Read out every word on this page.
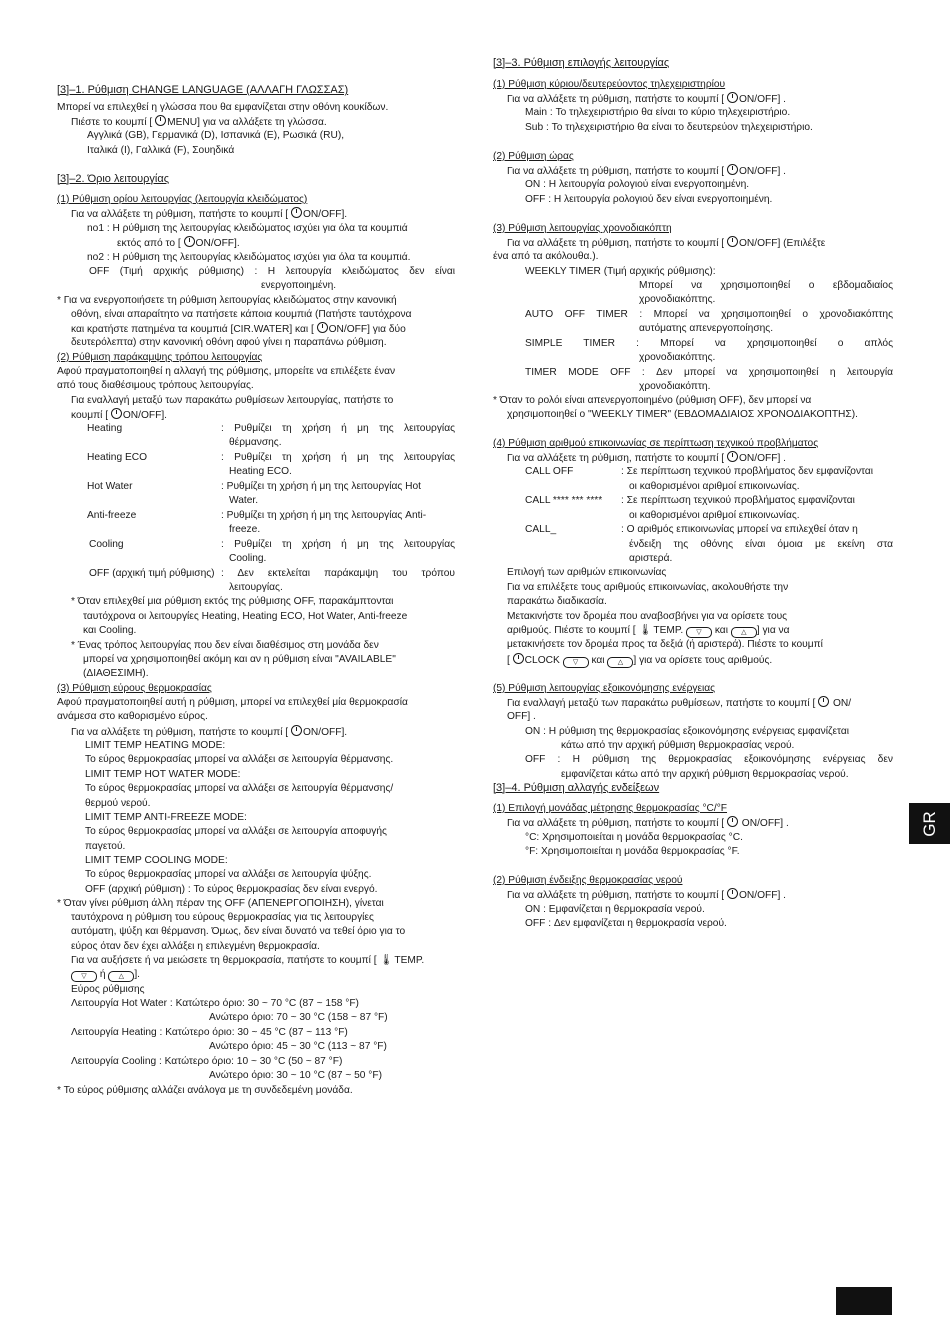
[3]–1. Ρύθμιση CHANGE LANGUAGE (ΑΛΛΑΓΗ ΓΛΩΣΣΑΣ)
Μπορεί να επιλεχθεί η γλώσσα που θα εμφανίζεται στην οθόνη κουκίδων.
Πιέστε το κουμπί [ MENU] για να αλλάξετε τη γλώσσα.
Αγγλικά (GB), Γερμανικά (D), Ισπανικά (E), Ρωσικά (RU),
Ιταλικά (I), Γαλλικά (F), Σουηδικά
[3]–2. Όριο λειτουργίας
(1) Ρύθμιση ορίου λειτουργίας (λειτουργία κλειδώματος)
Για να αλλάξετε τη ρύθμιση, πατήστε το κουμπί [ ON/OFF].
no1 : Η ρύθμιση της λειτουργίας κλειδώματος ισχύει για όλα τα κουμπιά
εκτός από το [ ON/OFF].
no2 : Η ρύθμιση της λειτουργίας κλειδώματος ισχύει για όλα τα κουμπιά.
OFF (Τιμή αρχικής ρύθμισης) : Η λειτουργία κλειδώματος δεν είναι
ενεργοποιημένη.
* Για να ενεργοποιήσετε τη ρύθμιση λειτουργίας κλειδώματος στην κανονική
οθόνη, είναι απαραίτητο να πατήσετε κάποια κουμπιά (Πατήστε ταυτόχρονα
και κρατήστε πατημένα τα κουμπιά [CIR.WATER] και [ ON/OFF] για δύο
δευτερόλεπτα) στην κανονική οθόνη αφού γίνει η παραπάνω ρύθμιση.
(2) Ρύθμιση παράκαμψης τρόπου λειτουργίας
Αφού πραγματοποιηθεί η αλλαγή της ρύθμισης, μπορείτε να επιλέξετε έναν
από τους διαθέσιμους τρόπους λειτουργίας.
Για εναλλαγή μεταξύ των παρακάτω ρυθμίσεων λειτουργίας, πατήστε το
κουμπί [ ON/OFF].
Heating	: Ρυθμίζει τη χρήση ή μη της λειτουργίας
θέρμανσης.
Heating ECO	: Ρυθμίζει τη χρήση ή μη της λειτουργίας
Heating ECO.
Hot Water	: Ρυθμίζει τη χρήση ή μη της λειτουργίας Hot
Water.
Anti-freeze	: Ρυθμίζει τη χρήση ή μη της λειτουργίας Anti-
freeze.
Cooling	: Ρυθμίζει τη χρήση ή μη της λειτουργίας
Cooling.
OFF (αρχική τιμή ρύθμισης) : Δεν εκτελείται παράκαμψη του τρόπου
λειτουργίας.
* Όταν επιλεχθεί μια ρύθμιση εκτός της ρύθμισης OFF, παρακάμπτονται
ταυτόχρονα οι λειτουργίες Heating, Heating ECO, Hot Water, Anti-freeze
και Cooling.
* Ένας τρόπος λειτουργίας που δεν είναι διαθέσιμος στη μονάδα δεν
μπορεί να χρησιμοποιηθεί ακόμη και αν η ρύθμιση είναι "AVAILABLE"
(ΔΙΑΘΕΣΙΜΗ).
(3) Ρύθμιση εύρους θερμοκρασίας
Αφού πραγματοποιηθεί αυτή η ρύθμιση, μπορεί να επιλεχθεί μία θερμοκρασία
ανάμεσα στο καθορισμένο εύρος.
Για να αλλάξετε τη ρύθμιση, πατήστε το κουμπί [ ON/OFF].
LIMIT TEMP HEATING MODE:
Το εύρος θερμοκρασίας μπορεί να αλλάξει σε λειτουργία θέρμανσης.
LIMIT TEMP HOT WATER MODE:
Το εύρος θερμοκρασίας μπορεί να αλλάξει σε λειτουργία θέρμανσης/
θερμού νερού.
LIMIT TEMP ANTI-FREEZE MODE:
Το εύρος θερμοκρασίας μπορεί να αλλάξει σε λειτουργία αποφυγής
παγετού.
LIMIT TEMP COOLING MODE:
Το εύρος θερμοκρασίας μπορεί να αλλάξει σε λειτουργία ψύξης.
OFF (αρχική ρύθμιση) : Το εύρος θερμοκρασίας δεν είναι ενεργό.
* Όταν γίνει ρύθμιση άλλη πέραν της OFF (ΑΠΕΝΕΡΓΟΠΟΙΗΣΗ), γίνεται
ταυτόχρονα η ρύθμιση του εύρους θερμοκρασίας για τις λειτουργίες
αυτόματη, ψύξη και θέρμανση. Όμως, δεν είναι δυνατό να τεθεί όριο για το
εύρος όταν δεν έχει αλλάξει η επιλεγμένη θερμοκρασία.
Για να αυξήσετε ή να μειώσετε τη θερμοκρασία, πατήστε το κουμπί [ 🌡TEMP.
▽ ή △ ].
Εύρος ρύθμισης
Λειτουργία Hot Water : Κατώτερο όριο: 30 ~ 70 °C (87 ~ 158 °F)
Ανώτερο όριο: 70 ~ 30 °C (158 ~ 87 °F)
Λειτουργία Heating : Κατώτερο όριο: 30 ~ 45 °C (87 ~ 113 °F)
Ανώτερο όριο: 45 ~ 30 °C (113 ~ 87 °F)
Λειτουργία Cooling : Κατώτερο όριο: 10 ~ 30 °C (50 ~ 87 °F)
Ανώτερο όριο: 30 ~ 10 °C (87 ~ 50 °F)
* Το εύρος ρύθμισης αλλάζει ανάλογα με τη συνδεδεμένη μονάδα.
[3]–3. Ρύθμιση επιλογής λειτουργίας
(1) Ρύθμιση κύριου/δευτερεύοντος τηλεχειριστηρίου
Για να αλλάξετε τη ρύθμιση, πατήστε το κουμπί [ ON/OFF] .
Main : Το τηλεχειριστήριο θα είναι το κύριο τηλεχειριστήριο.
Sub : Το τηλεχειριστήριο θα είναι το δευτερεύον τηλεχειριστήριο.
(2) Ρύθμιση ώρας
Για να αλλάξετε τη ρύθμιση, πατήστε το κουμπί [ ON/OFF] .
ON : Η λειτουργία ρολογιού είναι ενεργοποιημένη.
OFF : Η λειτουργία ρολογιού δεν είναι ενεργοποιημένη.
(3) Ρύθμιση λειτουργίας χρονοδιακόπτη
Για να αλλάξετε τη ρύθμιση, πατήστε το κουμπί [ ON/OFF] (Επιλέξτε
ένα από τα ακόλουθα.).
WEEKLY TIMER (Τιμή αρχικής ρύθμισης):
Μπορεί να χρησιμοποιηθεί ο εβδομαδιαίος
χρονοδιακόπτης.
AUTO OFF TIMER : Μπορεί να χρησιμοποιηθεί ο χρονοδιακόπτης
αυτόματης απενεργοποίησης.
SIMPLE TIMER : Μπορεί να χρησιμοποιηθεί ο απλός
χρονοδιακόπτης.
TIMER MODE OFF : Δεν μπορεί να χρησιμοποιηθεί η λειτουργία
χρονοδιακόπτη.
* Όταν το ρολόι είναι απενεργοποιημένο (ρύθμιση OFF), δεν μπορεί να
χρησιμοποιηθεί ο "WEEKLY TIMER" (ΕΒΔΟΜΑΔΙΑΙΟΣ ΧΡΟΝΟΔΙΑΚΟΠΤΗΣ).
(4) Ρύθμιση αριθμού επικοινωνίας σε περίπτωση τεχνικού προβλήματος
Για να αλλάξετε τη ρύθμιση, πατήστε το κουμπί [ ON/OFF] .
CALL OFF	: Σε περίπτωση τεχνικού προβλήματος δεν εμφανίζονται
οι καθορισμένοι αριθμοί επικοινωνίας.
CALL **** *** ****	: Σε περίπτωση τεχνικού προβλήματος εμφανίζονται
οι καθορισμένοι αριθμοί επικοινωνίας.
CALL_	: Ο αριθμός επικοινωνίας μπορεί να επιλεχθεί όταν η
ένδειξη της οθόνης είναι όμοια με εκείνη στα
αριστερά.
Επιλογή των αριθμών επικοινωνίας
Για να επιλέξετε τους αριθμούς επικοινωνίας, ακολουθήστε την
παρακάτω διαδικασία.
Μετακινήστε τον δρομέα που αναβοσβήνει για να ορίσετε τους
αριθμούς. Πιέστε το κουμπί [ 🌡TEMP. ▽ και △ ] για να
μετακινήσετε τον δρομέα προς τα δεξιά (ή αριστερά). Πιέστε το κουμπί
[ CLOCK ▽ και △ ] για να ορίσετε τους αριθμούς.
(5) Ρύθμιση λειτουργίας εξοικονόμησης ενέργειας
Για εναλλαγή μεταξύ των παρακάτω ρυθμίσεων, πατήστε το κουμπί [  ON/
OFF] .
ON : Η ρύθμιση της θερμοκρασίας εξοικονόμησης ενέργειας εμφανίζεται
κάτω από την αρχική ρύθμιση θερμοκρασίας νερού.
OFF : Η ρύθμιση της θερμοκρασίας εξοικονόμησης ενέργειας δεν
εμφανίζεται κάτω από την αρχική ρύθμιση θερμοκρασίας νερού.
[3]–4. Ρύθμιση αλλαγής ενδείξεων
(1) Επιλογή μονάδας μέτρησης θερμοκρασίας °C/°F
Για να αλλάξετε τη ρύθμιση, πατήστε το κουμπί [  ON/OFF] .
°C: Χρησιμοποιείται η μονάδα θερμοκρασίας °C.
°F: Χρησιμοποιείται η μονάδα θερμοκρασίας °F.
(2) Ρύθμιση ένδειξης θερμοκρασίας νερού
Για να αλλάξετε τη ρύθμιση, πατήστε το κουμπί [ ON/OFF] .
ON : Εμφανίζεται η θερμοκρασία νερού.
OFF : Δεν εμφανίζεται η θερμοκρασία νερού.
GR
